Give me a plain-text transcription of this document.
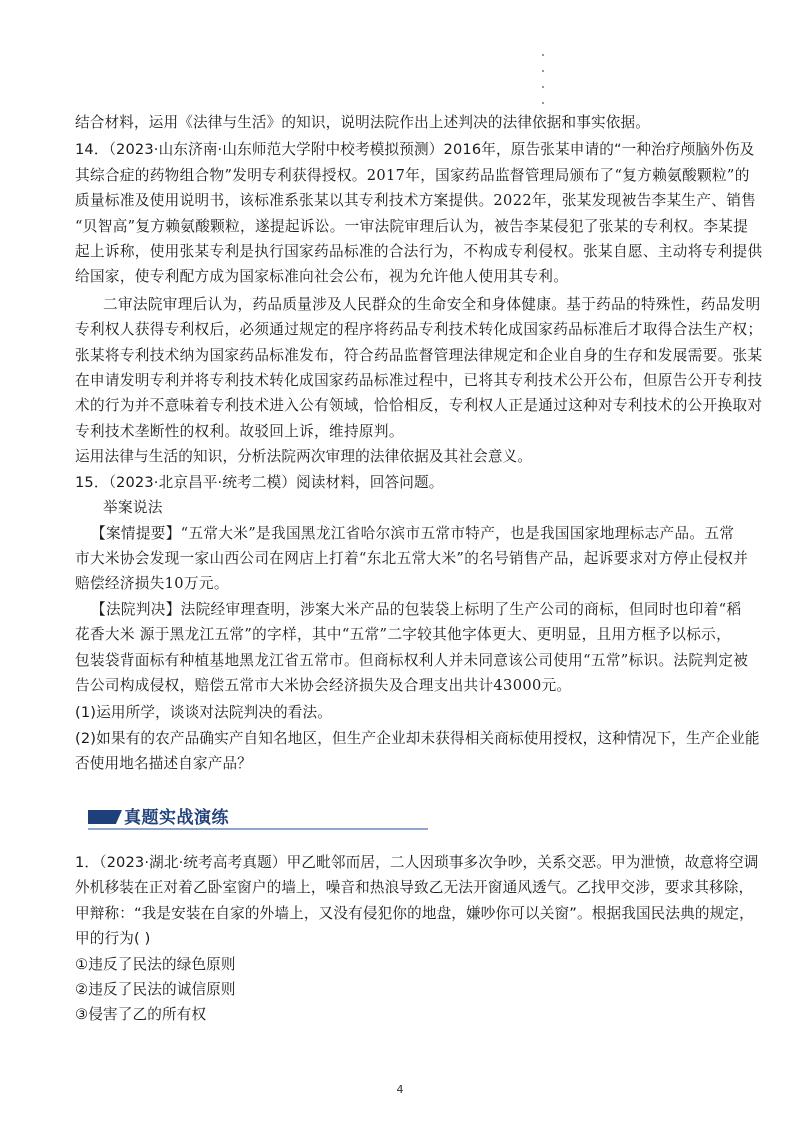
结合材料，运用《法律与生活》的知识，说明法院作出上述判决的法律依据和事实依据。

14．（2023·山东济南·山东师范大学附中校考模拟预测）2016年，原告张某申请的“一种治疗颅脑外伤及

其综合症的药物组合物”发明专利获得授权。2017年，国家药品监督管理局颁布了“复方赖氨酸颗粒”的

质量标准及使用说明书，该标准系张某以其专利技术方案提供。2022年，张某发现被告李某生产、销售

“贝智高”复方赖氨酸颗粒，遂提起诉讼。一审法院审理后认为，被告李某侵犯了张某的专利权。李某提

起上诉称，使用张某专利是执行国家药品标准的合法行为，不构成专利侵权。张某自愿、主动将专利提供

给国家，使专利配方成为国家标准向社会公布，视为允许他人使用其专利。

二审法院审理后认为，药品质量涉及人民群众的生命安全和身体健康。基于药品的特殊性，药品发明

专利权人获得专利权后，必须通过规定的程序将药品专利技术转化成国家药品标准后才取得合法生产权；

张某将专利技术纳为国家药品标准发布，符合药品监督管理法律规定和企业自身的生存和发展需要。张某

在申请发明专利并将专利技术转化成国家药品标准过程中，已将其专利技术公开公布，但原告公开专利技

术的行为并不意味着专利技术进入公有领域，恰恰相反，专利权人正是通过这种对专利技术的公开换取对

专利技术垄断性的权利。故驳回上诉，维持原判。

运用法律与生活的知识，分析法院两次审理的法律依据及其社会意义。

15．（2023·北京昌平·统考二模）阅读材料，回答问题。

举案说法

【案情提要】“五常大米”是我国黑龙江省哈尔滨市五常市特产，也是我国国家地理标志产品。五常

市大米协会发现一家山西公司在网店上打着“东北五常大米”的名号销售产品，起诉要求对方停止侵权并

赔偿经济损失10万元。

【法院判决】法院经审理查明，涉案大米产品的包装袋上标明了生产公司的商标，但同时也印着“稻

花香大米 源于黑龙江五常”的字样，其中“五常”二字较其他字体更大、更明显，且用方框予以标示，

包装袋背面标有种植基地黑龙江省五常市。但商标权利人并未同意该公司使用“五常”标识。法院判定被

告公司构成侵权，赔偿五常市大米协会经济损失及合理支出共计43000元。

(1)运用所学，谈谈对法院判决的看法。

(2)如果有的农产品确实产自知名地区，但生产企业却未获得相关商标使用授权，这种情况下，生产企业能

否使用地名描述自家产品？

真题实战演练

1．（2023·湖北·统考高考真题）甲乙毗邻而居，二人因琐事多次争吵，关系交恶。甲为泄愤，故意将空调

外机移装在正对着乙卧室窗户的墙上，噪音和热浪导致乙无法开窗通风透气。乙找甲交涉，要求其移除，

甲辩称：“我是安装在自家的外墙上，又没有侵犯你的地盘，嫌吵你可以关窗”。根据我国民法典的规定，

甲的行为( )

①违反了民法的绿色原则

②违反了民法的诚信原则

③侵害了乙的所有权

4
